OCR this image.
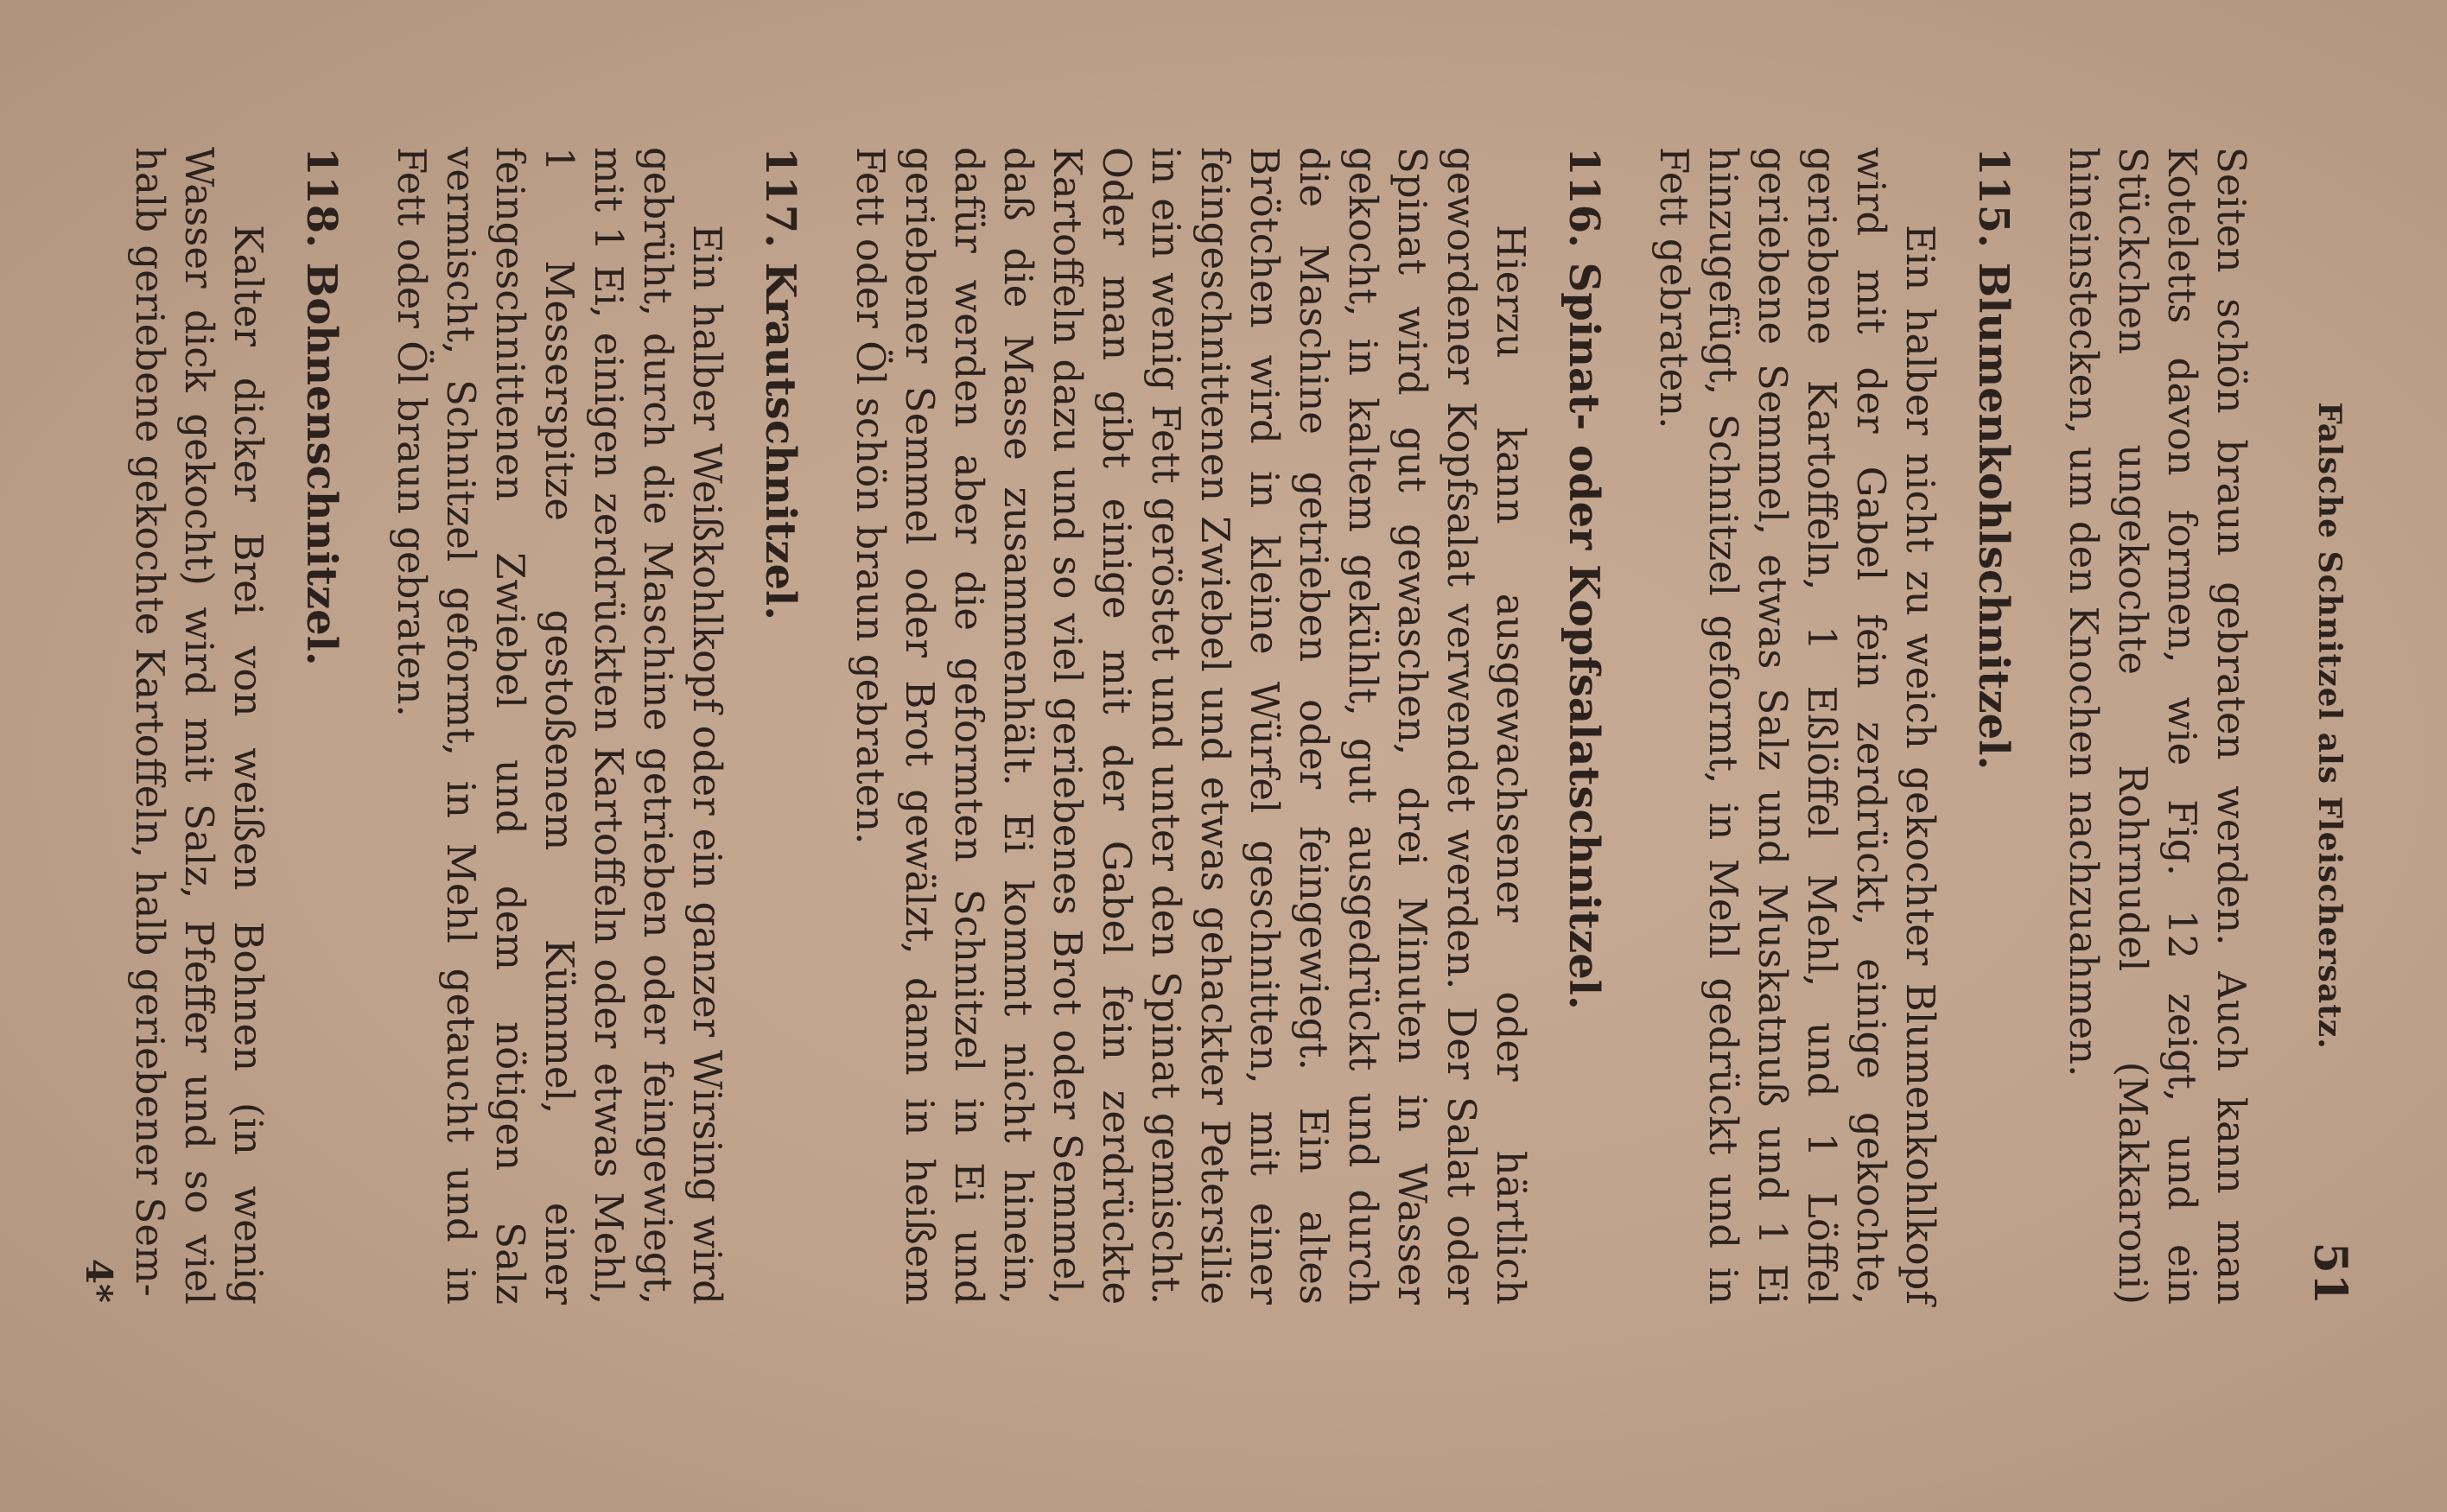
Falsche Schnitzel als Fleischersatz.
51

Seiten schön braun gebraten werden. Auch kann man Koteletts davon formen, wie Fig. 12 zeigt, und ein Stückchen ungekochte Rohrnudel (Makkaroni) hineinstecken, um den Knochen nachzuahmen.

115. Blumenkohlschnitzel.

Ein halber nicht zu weich gekochter Blumenkohlkopf wird mit der Gabel fein zerdrückt, einige gekochte, geriebene Kartoffeln, 1 Eßlöffel Mehl, und 1 Löffel geriebene Semmel, etwas Salz und Muskatnuß und 1 Ei hinzugefügt, Schnitzel geformt, in Mehl gedrückt und in Fett gebraten.

116. Spinat- oder Kopfsalatschnitzel.

Hierzu kann ausgewachsener oder härtlich gewordener Kopfsalat verwendet werden. Der Salat oder Spinat wird gut gewaschen, drei Minuten in Wasser gekocht, in kaltem gekühlt, gut ausgedrückt und durch die Maschine getrieben oder feingewiegt. Ein altes Brötchen wird in kleine Würfel geschnitten, mit einer feingeschnittenen Zwiebel und etwas gehackter Petersilie in ein wenig Fett geröstet und unter den Spinat gemischt. Oder man gibt einige mit der Gabel fein zerdrückte Kartoffeln dazu und so viel geriebenes Brot oder Semmel, daß die Masse zusammenhält. Ei kommt nicht hinein, dafür werden aber die geformten Schnitzel in Ei und geriebener Semmel oder Brot gewälzt, dann in heißem Fett oder Öl schön braun gebraten.

117. Krautschnitzel.

Ein halber Weißkohlkopf oder ein ganzer Wirsing wird gebrüht, durch die Maschine getrieben oder feingewiegt, mit 1 Ei, einigen zerdrückten Kartoffeln oder etwas Mehl, 1 Messerspitze gestoßenem Kümmel, einer feingeschnittenen Zwiebel und dem nötigen Salz vermischt, Schnitzel geformt, in Mehl getaucht und in Fett oder Öl braun gebraten.

118. Bohnenschnitzel.

Kalter dicker Brei von weißen Bohnen (in wenig Wasser dick gekocht) wird mit Salz, Pfeffer und so viel halb geriebene gekochte Kartoffeln, halb geriebener Sem-

4*
